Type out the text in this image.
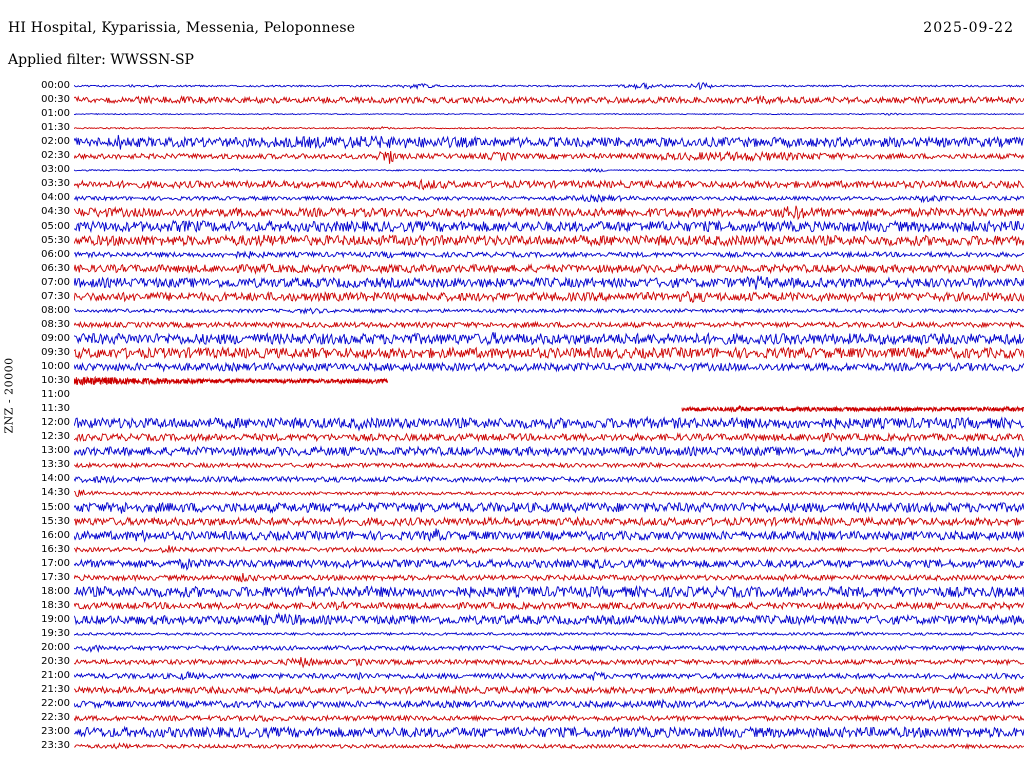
HI Hospital, Kyparissia, Messenia, Peloponnese	2025-09-22
Applied filter: WWSSN-SP
ZNZ - 20000
00:00
00:30
01:00
01:30
02:00
02:30
03:00
03:30
04:00
04:30
05:00
05:30
06:00
06:30
07:00
07:30
08:00
08:30
09:00
09:30
10:00
10:30
11:00
11:30
12:00
12:30
13:00
13:30
14:00
14:30
15:00
15:30
16:00
16:30
17:00
17:30
18:00
18:30
19:00
19:30
20:00
20:30
21:00
21:30
22:00
22:30
23:00
23:30
